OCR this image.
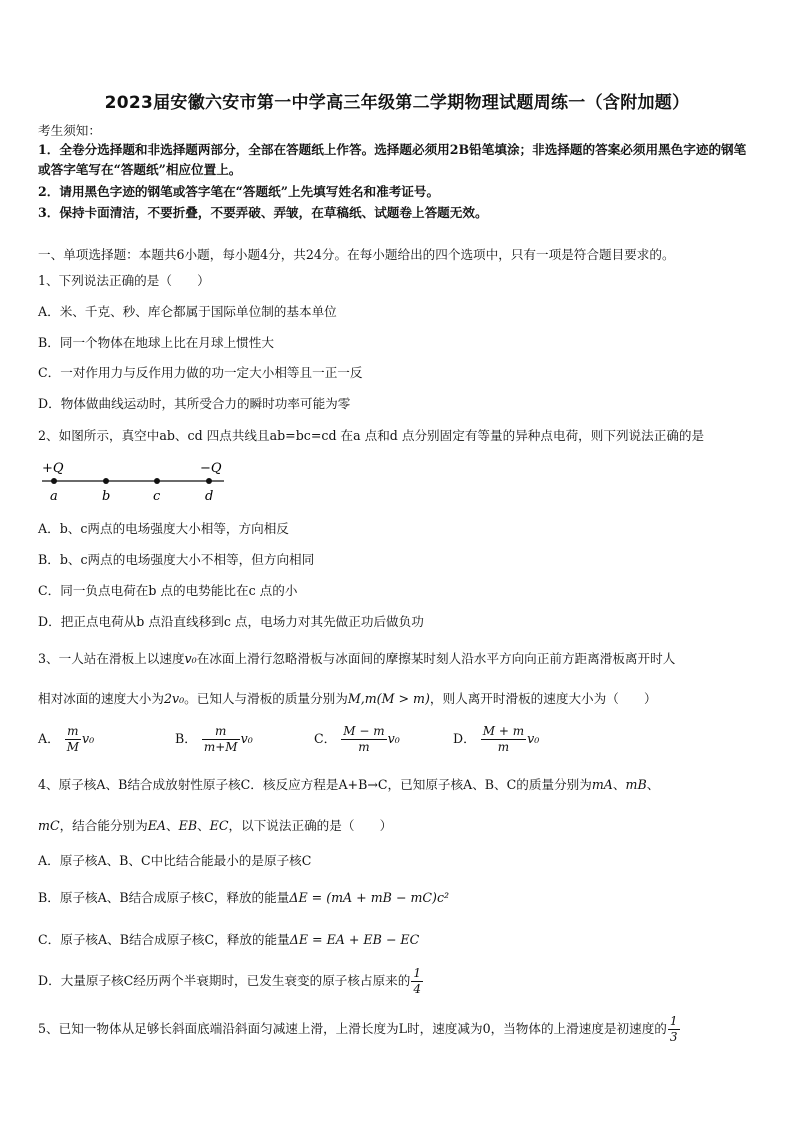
2023届安徽六安市第一中学高三年级第二学期物理试题周练一（含附加题）
考生须知：
1．全卷分选择题和非选择题两部分，全部在答题纸上作答。选择题必须用2B铅笔填涂；非选择题的答案必须用黑色字迹的钢笔或答字笔写在“答题纸”相应位置上。
2．请用黑色字迹的钢笔或答字笔在“答题纸”上先填写姓名和准考证号。
3．保持卡面清洁，不要折叠，不要弄破、弄皱，在草稿纸、试题卷上答题无效。
一、单项选择题：本题共6小题，每小题4分，共24分。在每小题给出的四个选项中，只有一项是符合题目要求的。
1、下列说法正确的是（　　）
A．米、千克、秒、库仑都属于国际单位制的基本单位
B．同一个物体在地球上比在月球上惯性大
C．一对作用力与反作用力做的功一定大小相等且一正一反
D．物体做曲线运动时，其所受合力的瞬时功率可能为零
2、如图所示，真空中ab、cd 四点共线且ab=bc=cd 在a 点和d 点分别固定有等量的异种点电荷，则下列说法正确的是
+Q	−Q
a	b	c	d
A．b、c两点的电场强度大小相等，方向相反
B．b、c两点的电场强度大小不相等，但方向相同
C．同一负点电荷在b 点的电势能比在c 点的小
D．把正点电荷从b 点沿直线移到c 点，电场力对其先做正功后做负功
3、一人站在滑板上以速度v₀在冰面上滑行忽略滑板与冰面间的摩擦某时刻人沿水平方向向正前方距离滑板离开时人
相对冰面的速度大小为2v₀。已知人与滑板的质量分别为M,m(M > m)，则人离开时滑板的速度大小为（　　）
A． $\frac{m}{M} v_0$	B． $\frac{m}{m+M} v_0$	C． $\frac{M - m}{m} v_0$	D． $\frac{M + m}{m} v_0$
4、原子核A、B结合成放射性原子核C．核反应方程是A+B→C，已知原子核A、B、C的质量分别为mA、mB、
mC，结合能分别为EA、EB、EC，以下说法正确的是（　　）
A．原子核A、B、C中比结合能最小的是原子核C
B．原子核A、B结合成原子核C，释放的能量ΔE = (mA + mB − mC)c²
C．原子核A、B结合成原子核C，释放的能量ΔE = EA + EB − EC
D．大量原子核C经历两个半衰期时，已发生衰变的原子核占原来的 $\frac{1}{4}$
5、已知一物体从足够长斜面底端沿斜面匀减速上滑，上滑长度为L时，速度减为0，当物体的上滑速度是初速度的 $\frac{1}{3}$
